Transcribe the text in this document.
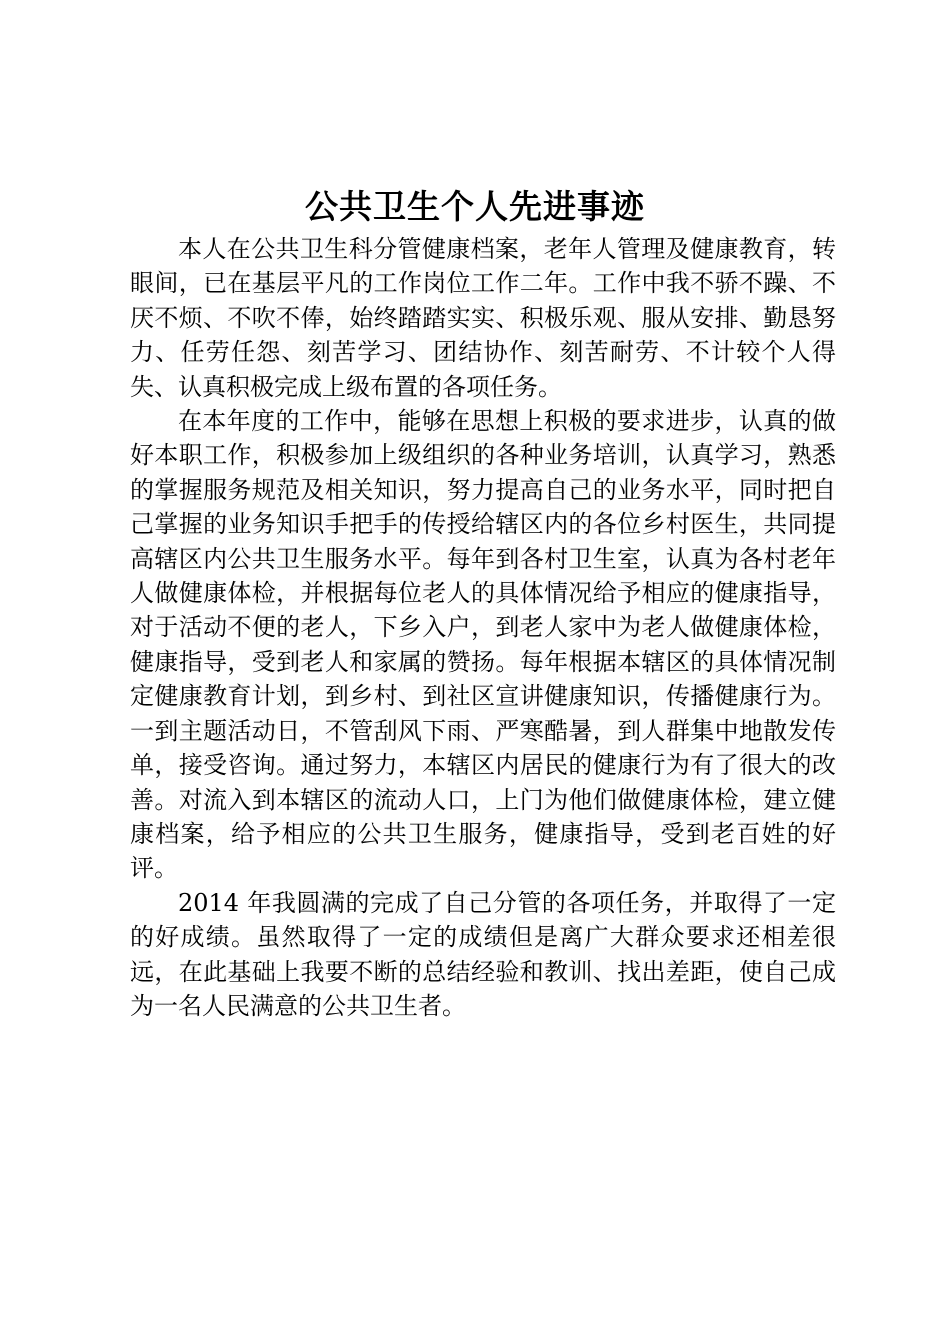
公共卫生个人先进事迹

本人在公共卫生科分管健康档案，老年人管理及健康教育，转眼间，已在基层平凡的工作岗位工作二年。工作中我不骄不躁、不厌不烦、不吹不俸，始终踏踏实实、积极乐观、服从安排、勤恳努力、任劳任怨、刻苦学习、团结协作、刻苦耐劳、不计较个人得失、认真积极完成上级布置的各项任务。

在本年度的工作中，能够在思想上积极的要求进步，认真的做好本职工作，积极参加上级组织的各种业务培训，认真学习，熟悉的掌握服务规范及相关知识，努力提高自己的业务水平，同时把自己掌握的业务知识手把手的传授给辖区内的各位乡村医生，共同提高辖区内公共卫生服务水平。每年到各村卫生室，认真为各村老年人做健康体检，并根据每位老人的具体情况给予相应的健康指导，对于活动不便的老人，下乡入户，到老人家中为老人做健康体检，健康指导，受到老人和家属的赞扬。每年根据本辖区的具体情况制定健康教育计划，到乡村、到社区宣讲健康知识，传播健康行为。一到主题活动日，不管刮风下雨、严寒酷暑，到人群集中地散发传单，接受咨询。通过努力，本辖区内居民的健康行为有了很大的改善。对流入到本辖区的流动人口，上门为他们做健康体检，建立健康档案，给予相应的公共卫生服务，健康指导，受到老百姓的好评。

2014 年我圆满的完成了自己分管的各项任务，并取得了一定的好成绩。虽然取得了一定的成绩但是离广大群众要求还相差很远，在此基础上我要不断的总结经验和教训、找出差距，使自己成为一名人民满意的公共卫生者。
